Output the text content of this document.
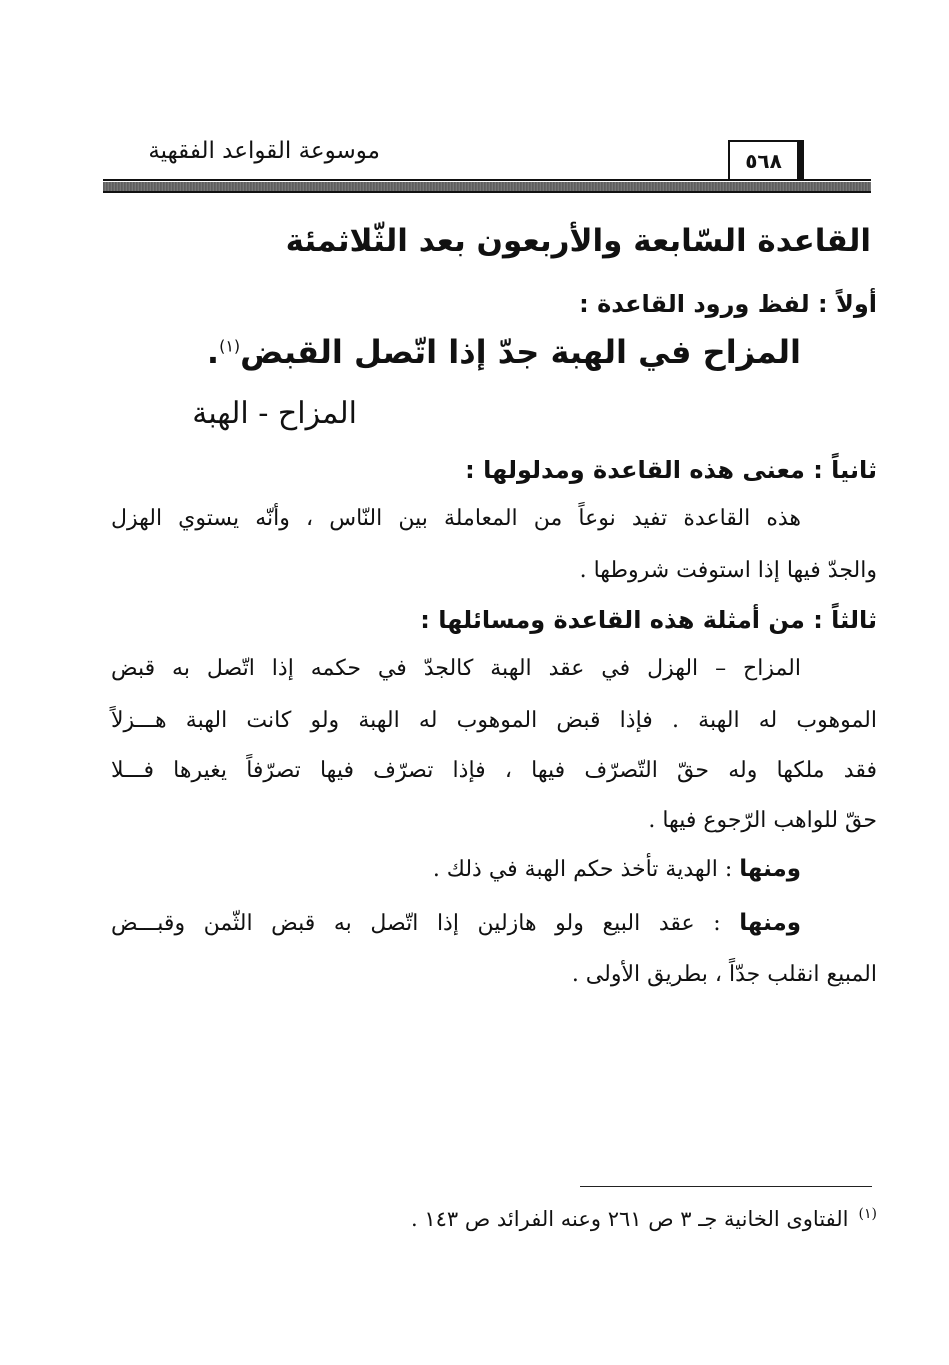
٥٦٨
موسوعة القواعد الفقهية
القاعدة السّابعة والأربعون بعد الثّلاثمئة
أولاً : لفظ ورود القاعدة :
المزاح في الهبة جدّ إذا اتّصل القبض$^{(١)}$.
المزاح - الهبة
ثانياً : معنى هذه القاعدة ومدلولها :
هذه القاعدة تفيد نوعاً من المعاملة بين النّاس ، وأنّه يستوي الهزل
والجدّ فيها إذا استوفت شروطها .
ثالثاً : من أمثلة هذه القاعدة ومسائلها :
المزاح – الهزل في عقد الهبة كالجدّ في حكمه إذا اتّصل به قبض
الموهوب له الهبة . فإذا قبض الموهوب له الهبة ولو كانت الهبة هـــزلاً
فقد ملكها وله حقّ التّصرّف فيها ، فإذا تصرّف فيها تصرّفاً يغيرها فـــلا
حقّ للواهب الرّجوع فيها .
ومنها : الهدية تأخذ حكم الهبة في ذلك .
ومنها : عقد البيع ولو هازلين إذا اتّصل به قبض الثّمن وقبـــض
المبيع انقلب جدّاً ، بطريق الأولى .
$^{(١)}$الفتاوى الخانية جـ ٣ ص ٢٦١ وعنه الفرائد ص ١٤٣ .
